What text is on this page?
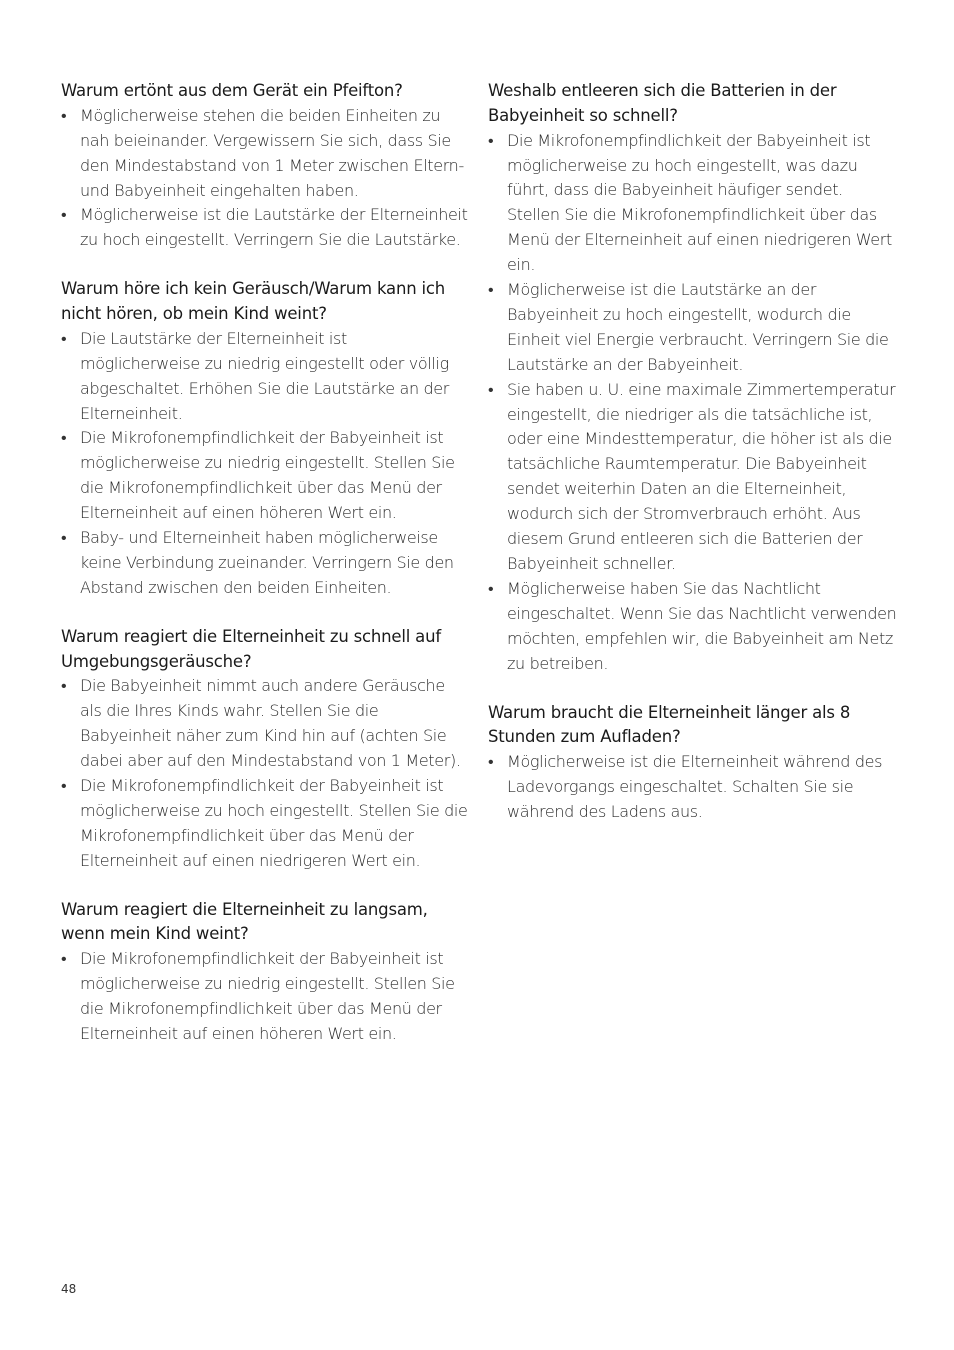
Warum ertönt aus dem Gerät ein Pfeifton?
• Möglicherweise stehen die beiden Einheiten zu nah beieinander. Vergewissern Sie sich, dass Sie den Mindestabstand von 1 Meter zwischen Eltern- und Babyeinheit eingehalten haben.
• Möglicherweise ist die Lautstärke der Elterneinheit zu hoch eingestellt. Verringern Sie die Lautstärke.
Warum höre ich kein Geräusch/Warum kann ich nicht hören, ob mein Kind weint?
• Die Lautstärke der Elterneinheit ist möglicherweise zu niedrig eingestellt oder völlig abgeschaltet. Erhöhen Sie die Lautstärke an der Elterneinheit.
• Die Mikrofonempfindlichkeit der Babyeinheit ist möglicherweise zu niedrig eingestellt. Stellen Sie die Mikrofonempfindlichkeit über das Menü der Elterneinheit auf einen höheren Wert ein.
• Baby- und Elterneinheit haben möglicherweise keine Verbindung zueinander. Verringern Sie den Abstand zwischen den beiden Einheiten.
Warum reagiert die Elterneinheit zu schnell auf Umgebungsgeräusche?
• Die Babyeinheit nimmt auch andere Geräusche als die Ihres Kinds wahr. Stellen Sie die Babyeinheit näher zum Kind hin auf (achten Sie dabei aber auf den Mindestabstand von 1 Meter).
• Die Mikrofonempfindlichkeit der Babyeinheit ist möglicherweise zu hoch eingestellt. Stellen Sie die Mikrofonempfindlichkeit über das Menü der Elterneinheit auf einen niedrigeren Wert ein.
Warum reagiert die Elterneinheit zu langsam, wenn mein Kind weint?
• Die Mikrofonempfindlichkeit der Babyeinheit ist möglicherweise zu niedrig eingestellt. Stellen Sie die Mikrofonempfindlichkeit über das Menü der Elterneinheit auf einen höheren Wert ein.
Weshalb entleeren sich die Batterien in der Babyeinheit so schnell?
• Die Mikrofonempfindlichkeit der Babyeinheit ist möglicherweise zu hoch eingestellt, was dazu führt, dass die Babyeinheit häufiger sendet. Stellen Sie die Mikrofonempfindlichkeit über das Menü der Elterneinheit auf einen niedrigeren Wert ein.
• Möglicherweise ist die Lautstärke an der Babyeinheit zu hoch eingestellt, wodurch die Einheit viel Energie verbraucht. Verringern Sie die Lautstärke an der Babyeinheit.
• Sie haben u. U. eine maximale Zimmertemperatur eingestellt, die niedriger als die tatsächliche ist, oder eine Mindesttemperatur, die höher ist als die tatsächliche Raumtemperatur. Die Babyeinheit sendet weiterhin Daten an die Elterneinheit, wodurch sich der Stromverbrauch erhöht. Aus diesem Grund entleeren sich die Batterien der Babyeinheit schneller.
• Möglicherweise haben Sie das Nachtlicht eingeschaltet. Wenn Sie das Nachtlicht verwenden möchten, empfehlen wir, die Babyeinheit am Netz zu betreiben.
Warum braucht die Elterneinheit länger als 8 Stunden zum Aufladen?
• Möglicherweise ist die Elterneinheit während des Ladevorgangs eingeschaltet. Schalten Sie sie während des Ladens aus.
48
